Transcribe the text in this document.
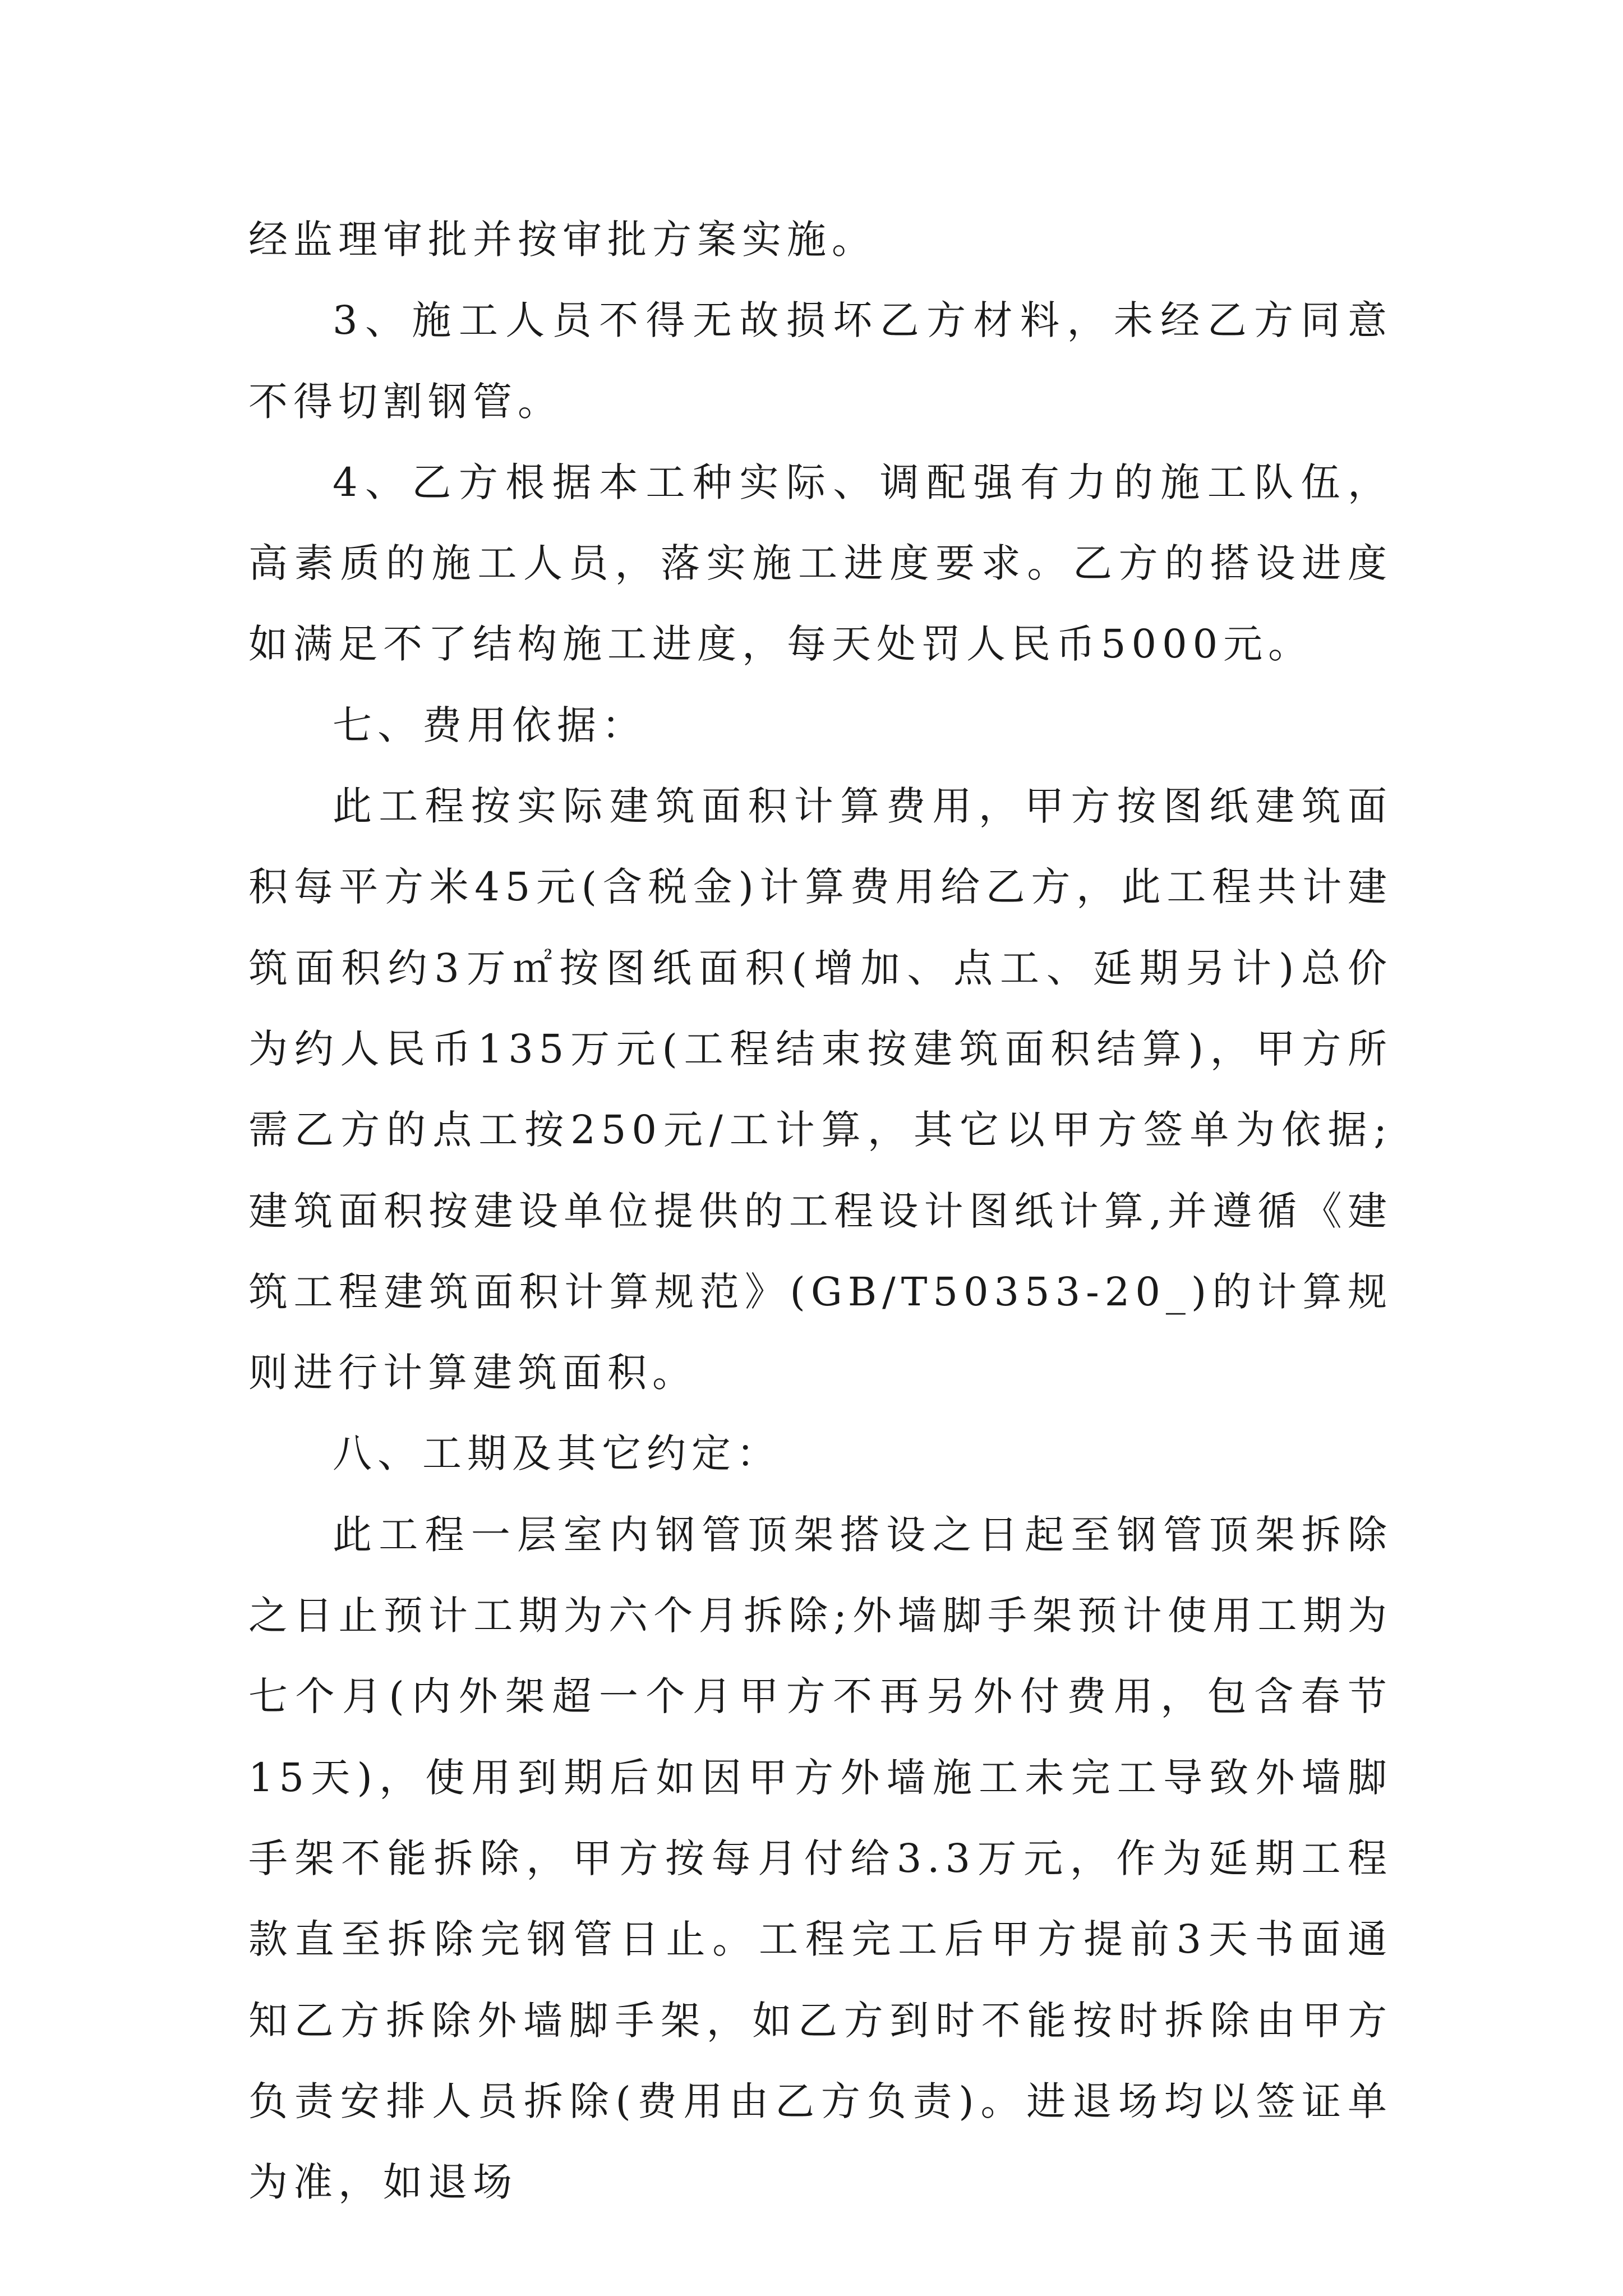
经监理审批并按审批方案实施。

3、施工人员不得无故损坏乙方材料，未经乙方同意不得切割钢管。

4、乙方根据本工种实际、调配强有力的施工队伍，高素质的施工人员，落实施工进度要求。乙方的搭设进度如满足不了结构施工进度，每天处罚人民币5000元。

七、费用依据：

此工程按实际建筑面积计算费用，甲方按图纸建筑面积每平方米45元(含税金)计算费用给乙方，此工程共计建筑面积约3万㎡按图纸面积(增加、点工、延期另计)总价为约人民币135万元(工程结束按建筑面积结算)，甲方所需乙方的点工按250元/工计算，其它以甲方签单为依据;建筑面积按建设单位提供的工程设计图纸计算,并遵循《建筑工程建筑面积计算规范》(GB/T50353-20_)的计算规则进行计算建筑面积。

八、工期及其它约定：

此工程一层室内钢管顶架搭设之日起至钢管顶架拆除之日止预计工期为六个月拆除;外墙脚手架预计使用工期为七个月(内外架超一个月甲方不再另外付费用，包含春节15天)，使用到期后如因甲方外墙施工未完工导致外墙脚手架不能拆除，甲方按每月付给3.3万元，作为延期工程款直至拆除完钢管日止。工程完工后甲方提前3天书面通知乙方拆除外墙脚手架，如乙方到时不能按时拆除由甲方负责安排人员拆除(费用由乙方负责)。进退场均以签证单为准，如退场
